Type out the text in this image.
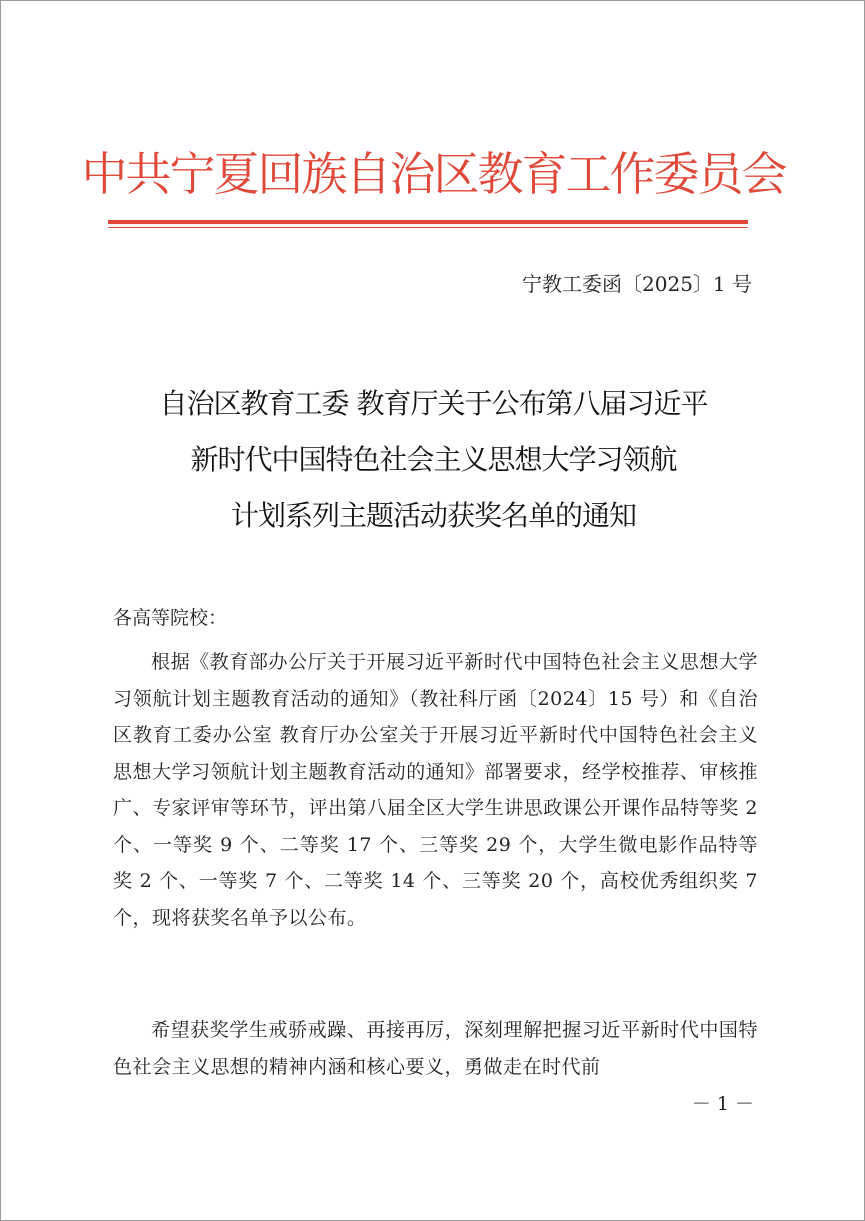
中共宁夏回族自治区教育工作委员会
宁教工委函〔2025〕1 号
自治区教育工委 教育厅关于公布第八届习近平
新时代中国特色社会主义思想大学习领航
计划系列主题活动获奖名单的通知
各高等院校：
根据《教育部办公厅关于开展习近平新时代中国特色社会主义思想大学习领航计划主题教育活动的通知》（教社科厅函〔2024〕15 号）和《自治区教育工委办公室 教育厅办公室关于开展习近平新时代中国特色社会主义思想大学习领航计划主题教育活动的通知》部署要求，经学校推荐、审核推广、专家评审等环节，评出第八届全区大学生讲思政课公开课作品特等奖 2 个、一等奖 9 个、二等奖 17 个、三等奖 29 个，大学生微电影作品特等奖 2 个、一等奖 7 个、二等奖 14 个、三等奖 20 个，高校优秀组织奖 7 个，现将获奖名单予以公布。
希望获奖学生戒骄戒躁、再接再厉，深刻理解把握习近平新时代中国特色社会主义思想的精神内涵和核心要义，勇做走在时代前
－ 1 －
